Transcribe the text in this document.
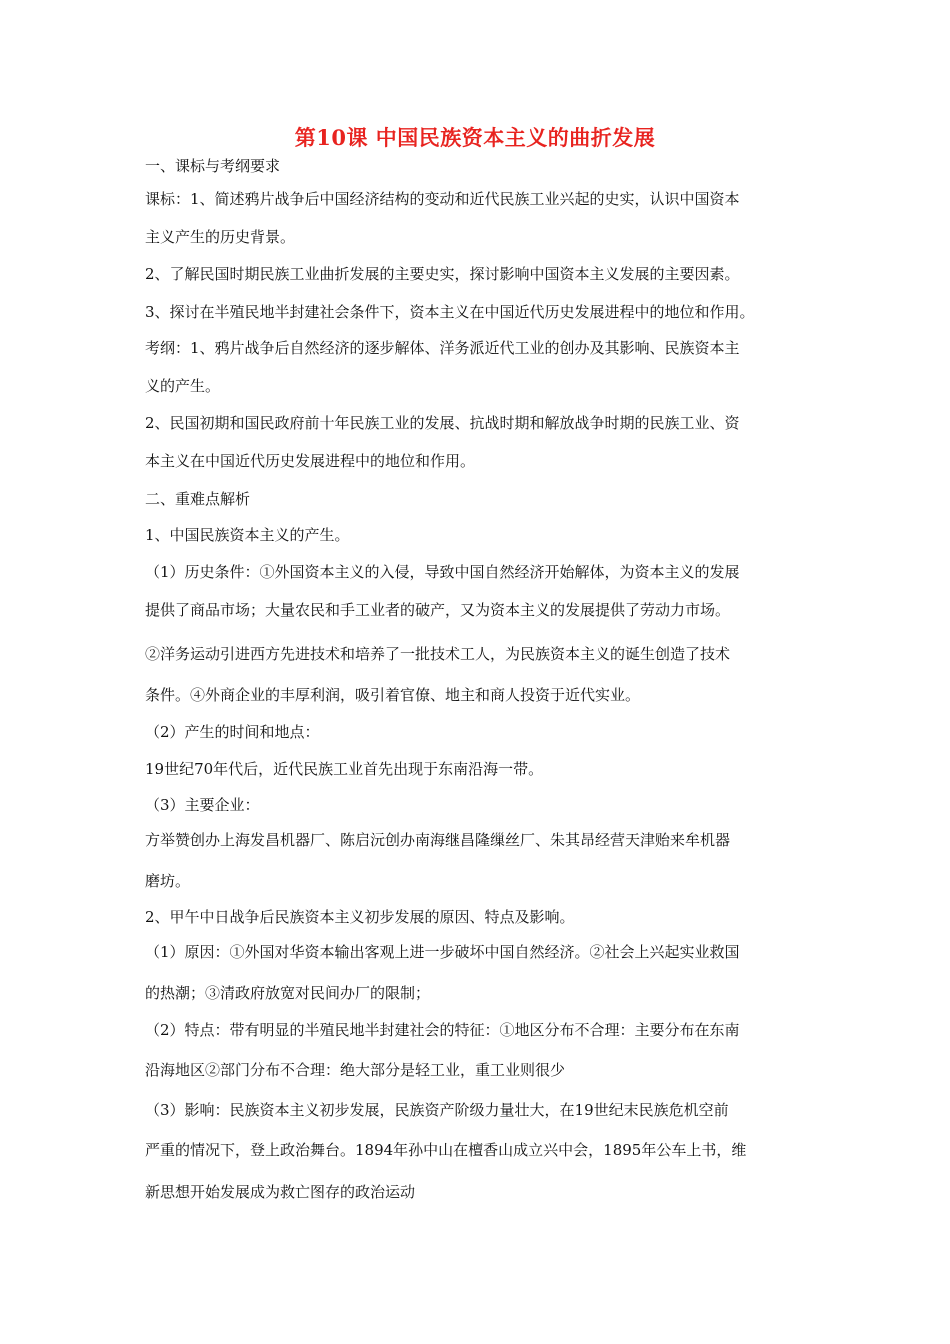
第10课 中国民族资本主义的曲折发展
一、课标与考纲要求
课标：1、简述鸦片战争后中国经济结构的变动和近代民族工业兴起的史实，认识中国资本
主义产生的历史背景。
2、了解民国时期民族工业曲折发展的主要史实，探讨影响中国资本主义发展的主要因素。
3、探讨在半殖民地半封建社会条件下，资本主义在中国近代历史发展进程中的地位和作用。
考纲：1、鸦片战争后自然经济的逐步解体、洋务派近代工业的创办及其影响、民族资本主
义的产生。
2、民国初期和国民政府前十年民族工业的发展、抗战时期和解放战争时期的民族工业、资
本主义在中国近代历史发展进程中的地位和作用。
二、重难点解析
1、中国民族资本主义的产生。
（1）历史条件：①外国资本主义的入侵，导致中国自然经济开始解体，为资本主义的发展
提供了商品市场；大量农民和手工业者的破产，又为资本主义的发展提供了劳动力市场。
②洋务运动引进西方先进技术和培养了一批技术工人，为民族资本主义的诞生创造了技术
条件。④外商企业的丰厚利润，吸引着官僚、地主和商人投资于近代实业。
（2）产生的时间和地点：
19世纪70年代后，近代民族工业首先出现于东南沿海一带。
（3）主要企业：
方举赞创办上海发昌机器厂、陈启沅创办南海继昌隆缫丝厂、朱其昂经营天津贻来牟机器
磨坊。
2、甲午中日战争后民族资本主义初步发展的原因、特点及影响。
（1）原因：①外国对华资本输出客观上进一步破坏中国自然经济。②社会上兴起实业救国
的热潮；③清政府放宽对民间办厂的限制；
（2）特点：带有明显的半殖民地半封建社会的特征：①地区分布不合理：主要分布在东南
沿海地区②部门分布不合理：绝大部分是轻工业，重工业则很少
（3）影响：民族资本主义初步发展，民族资产阶级力量壮大，在19世纪末民族危机空前
严重的情况下，登上政治舞台。1894年孙中山在檀香山成立兴中会，1895年公车上书，维
新思想开始发展成为救亡图存的政治运动
